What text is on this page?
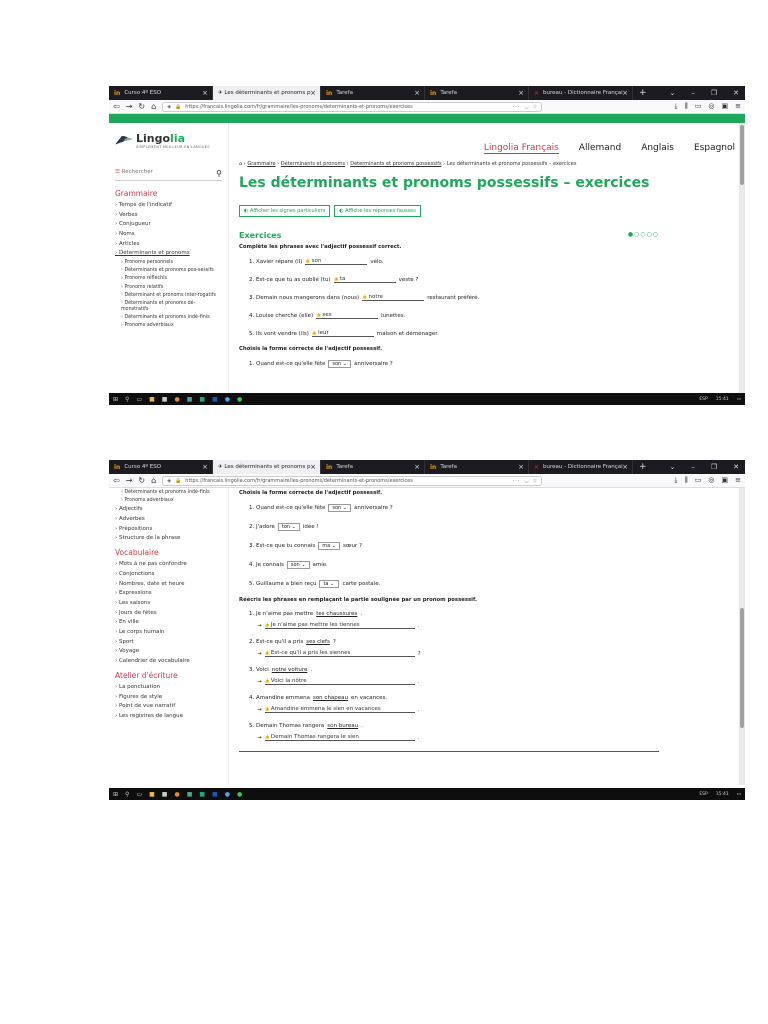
in Curso 4º ESO	× ✈ Les déterminants et pronoms p × in Tarefa	× in Tarefa	× ✕ bureau - Dictionnaire Françai × +	⌄ – ❐ ✕
⇦ → ↻ ⌂ ◈ 🔒 https://francais.lingolia.com/fr/grammaire/les-pronoms/determinants-et-pronoms/exercises	··· ◡ ☆	⤓ ⫼ ▭ ◎ ▣ ≡
Lingolia
SIMPLEMENT MEILLEUR EN LANGUES
☰ Rechercher	⚲
Grammaire
› Temps de l'indicatif
› Verbes
› Conjugueur
› Noms
› Articles
› Déterminants et pronoms
› Pronoms personnels
› Déterminants et pronoms pos-sessifs
› Pronoms réfléchis
› Pronoms relatifs
› Déterminant et pronoms inter-rogatifs
› Déterminants et pronoms dé-monstratifs
› Déterminants et pronoms indé-finis
› Pronoms adverbiaux
Lingolia Français Allemand Anglais Espagnol
⌂ › Grammaire › Déterminants et pronoms › Déterminants et pronoms possessifs › Les déterminants et pronoms possessifs – exercices
Les déterminants et pronoms possessifs – exercices
◐ Afficher les signes particuliers	◐ Affiche les réponses fausses
Exercices	●○○○○
Complète les phrases avec l'adjectif possessif correct.
1. Xavier répare (il)	👍 son	vélo.
2. Est-ce que tu as oublié (tu)	👍 ta	veste ?
3. Demain nous mangerons dans (nous)	👍 notre	restaurant préféré.
4. Louise cherche (elle)	👍 ses	lunettes.
5. Ils vont vendre (ils)	👍 leur	maison et déménager.
Choisis la forme correcte de l'adjectif possessif.
1. Quand est-ce qu'elle fête	son ⌄	anniversaire ?
⊞ ⚲ ▭ ■ ■ ● ■ ■ ■ ● ●	ESP 15:41 ▭
in Curso 4º ESO	× ✈ Les déterminants et pronoms p × in Tarefa	× in Tarefa	× ✕ bureau - Dictionnaire Françai × +	⌄ – ❐ ✕
⇦ → ↻ ⌂ ◈ 🔒 https://francais.lingolia.com/fr/grammaire/les-pronoms/déterminants-et-pronoms/exercices	··· ◡ ☆	⤓ ⫼ ▭ ◎ ▣ ≡
› Déterminants et pronoms indé-finis
› Pronoms adverbiaux
› Adjectifs
› Adverbes
› Prépositions
› Structure de la phrase
Vocabulaire
› Mots à ne pas confondre
› Conjonctions
› Nombres, date et heure
› Expressions
› Les saisons
› Jours de fêtes
› En ville
› Le corps humain
› Sport
› Voyage
› Calendrier de vocabulaire
Atelier d'écriture
› La ponctuation
› Figures de style
› Point de vue narratif
› Les registres de langue
Choisis la forme correcte de l'adjectif possessif.
1. Quand est-ce qu'elle fête	son ⌄	anniversaire ?
2. J'adore	ton ⌄	idée !
3. Est-ce que tu connais	ma ⌄	sœur ?
4. Je connais	son ⌄	amie.
5. Guillaume a bien reçu	ta ⌄	carte postale.
Réécris les phrases en remplaçant la partie soulignée par un pronom possessif.
1. Je n'aime pas mettre tes chaussures .
→	👍 Je n'aime pas mettre les tiennes	.
2. Est-ce qu'il a pris ses clefs ?
→	👍 Est-ce qu'il a pris les siennes	?
3. Voici notre voiture .
→	👍 Voici la nôtre	.
4. Amandine emmena son chapeau en vacances.
→	👍 Amandine emmena le sien en vacances	.
5. Demain Thomas rangera son bureau .
→	👍 Demain Thomas rangera le sien	.
⊞ ⚲ ▭ ■ ■ ● ■ ■ ■ ● ●	ESP 15:41 ▭
